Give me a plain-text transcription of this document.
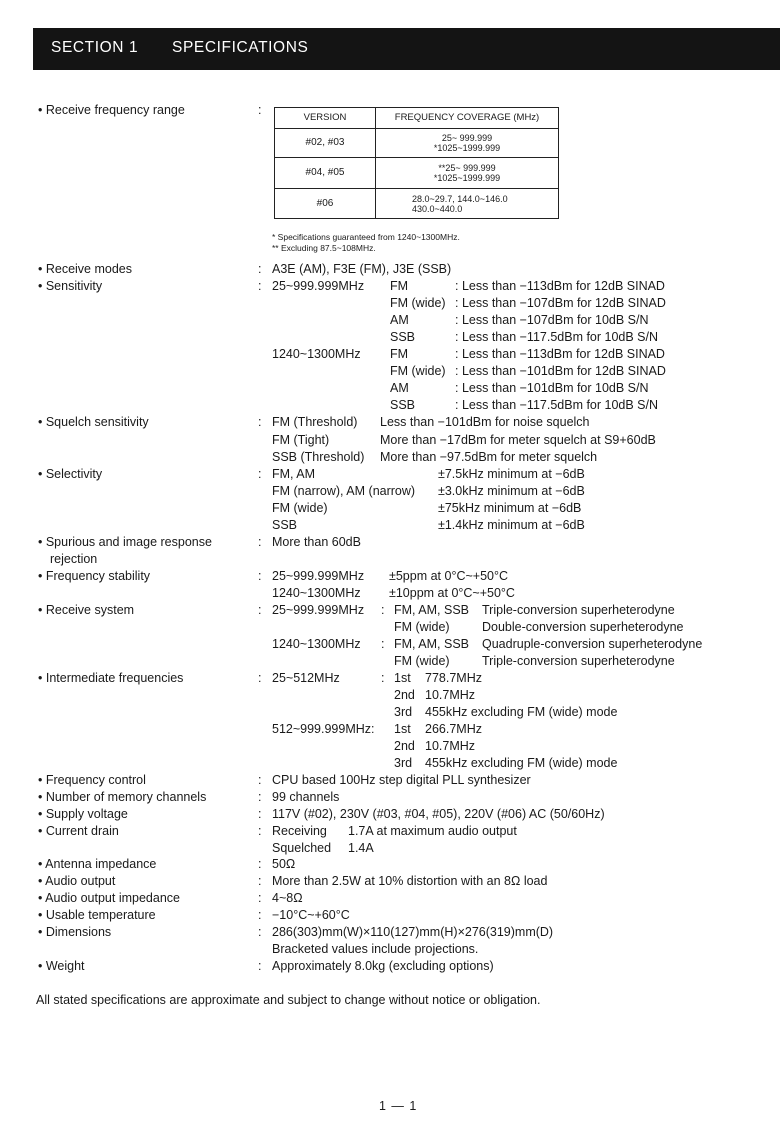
SECTION 1 SPECIFICATIONS
• Receive frequency range	:
VERSION	FREQUENCY COVERAGE (MHz)
#02, #03	25~ 999.999
*1025~1999.999

#04, #05	**25~ 999.999
*1025~1999.999

#06	28.0~29.7, 144.0~146.0
430.0~440.0
* Specifications guaranteed from 1240~1300MHz.
** Excluding 87.5~108MHz.
• Receive modes	: A3E (AM), F3E (FM), J3E (SSB)
• Sensitivity	: 25~999.999MHz FM	: Less than −113dBm for 12dB SINAD
FM (wide) : Less than −107dBm for 12dB SINAD
AM	: Less than −107dBm for 10dB S/N
SSB	: Less than −117.5dBm for 10dB S/N
1240~1300MHz FM	: Less than −113dBm for 12dB SINAD
FM (wide) : Less than −101dBm for 12dB SINAD
AM	: Less than −101dBm for 10dB S/N
SSB	: Less than −117.5dBm for 10dB S/N
• Squelch sensitivity	: FM (Threshold) Less than −101dBm for noise squelch
FM (Tight)	More than −17dBm for meter squelch at S9+60dB
SSB (Threshold) More than −97.5dBm for meter squelch
• Selectivity	: FM, AM	±7.5kHz minimum at −6dB
FM (narrow), AM (narrow) ±3.0kHz minimum at −6dB
FM (wide)	±75kHz minimum at −6dB
SSB	±1.4kHz minimum at −6dB
• Spurious and image response
rejection
: More than 60dB
• Frequency stability	: 25~999.999MHz ±5ppm at 0°C~+50°C
1240~1300MHz ±10ppm at 0°C~+50°C
• Receive system	: 25~999.999MHz : FM, AM, SSB Triple-conversion superheterodyne
FM (wide)	Double-conversion superheterodyne
1240~1300MHz : FM, AM, SSB Quadruple-conversion superheterodyne
FM (wide)	Triple-conversion superheterodyne
• Intermediate frequencies	: 25~512MHz	: 1st 778.7MHz
2nd 10.7MHz
3rd 455kHz excluding FM (wide) mode
512~999.999MHz: 1st 266.7MHz
2nd 10.7MHz
3rd 455kHz excluding FM (wide) mode
• Frequency control	: CPU based 100Hz step digital PLL synthesizer
• Number of memory channels	: 99 channels
• Supply voltage	: 117V (#02), 230V (#03, #04, #05), 220V (#06) AC (50/60Hz)
• Current drain	: Receiving 1.7A at maximum audio output
Squelched 1.4A
• Antenna impedance	: 50Ω
• Audio output	: More than 2.5W at 10% distortion with an 8Ω load
• Audio output impedance	: 4~8Ω
• Usable temperature	: −10°C~+60°C
• Dimensions	: 286(303)mm(W)×110(127)mm(H)×276(319)mm(D)
Bracketed values include projections.
• Weight	: Approximately 8.0kg (excluding options)
All stated specifications are approximate and subject to change without notice or obligation.
1 — 1
